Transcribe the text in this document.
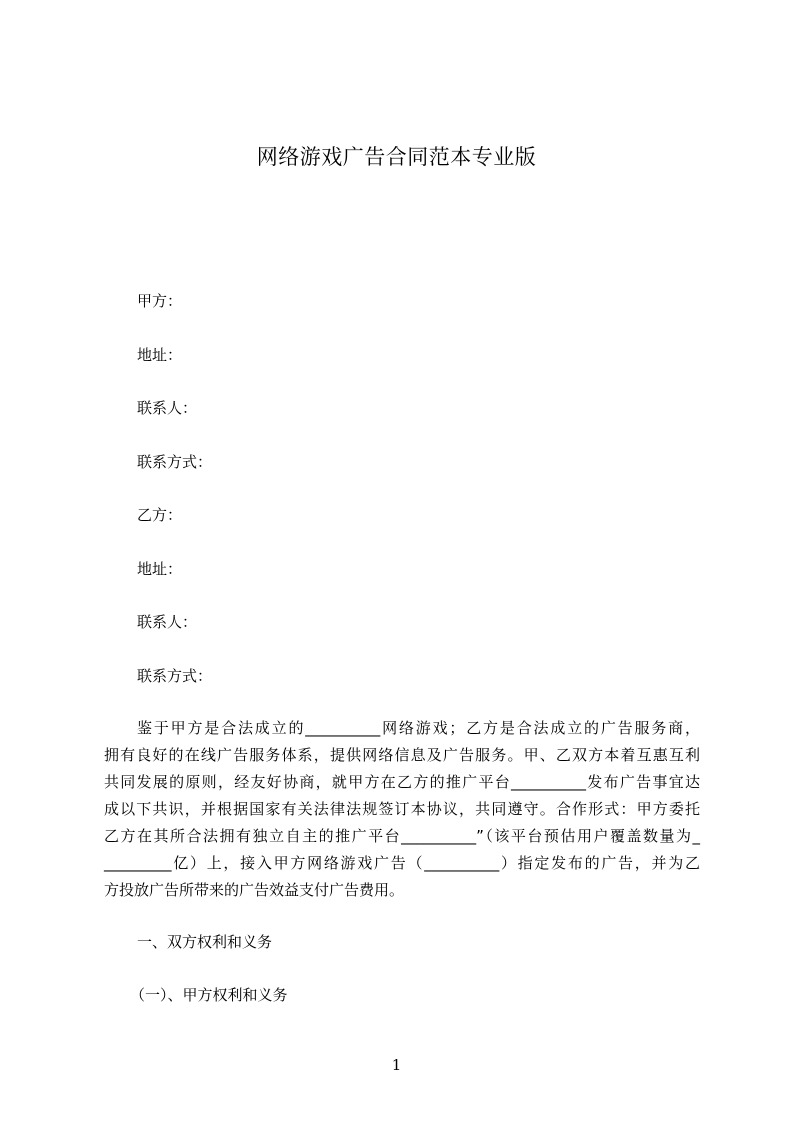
网络游戏广告合同范本专业版
甲方：
地址：
联系人：
联系方式：
乙方：
地址：
联系人：
联系方式：
鉴于甲方是合法成立的__________网络游戏；乙方是合法成立的广告服务商，
拥有良好的在线广告服务体系，提供网络信息及广告服务。甲、乙双方本着互惠互利
共同发展的原则，经友好协商，就甲方在乙方的推广平台__________发布广告事宜达
成以下共识，并根据国家有关法律法规签订本协议，共同遵守。合作形式：甲方委托
乙方在其所合法拥有独立自主的推广平台__________”（该平台预估用户覆盖数量为_
_________亿）上，接入甲方网络游戏广告（__________）指定发布的广告，并为乙
方投放广告所带来的广告效益支付广告费用。
一、双方权利和义务
（一）、甲方权利和义务
1
